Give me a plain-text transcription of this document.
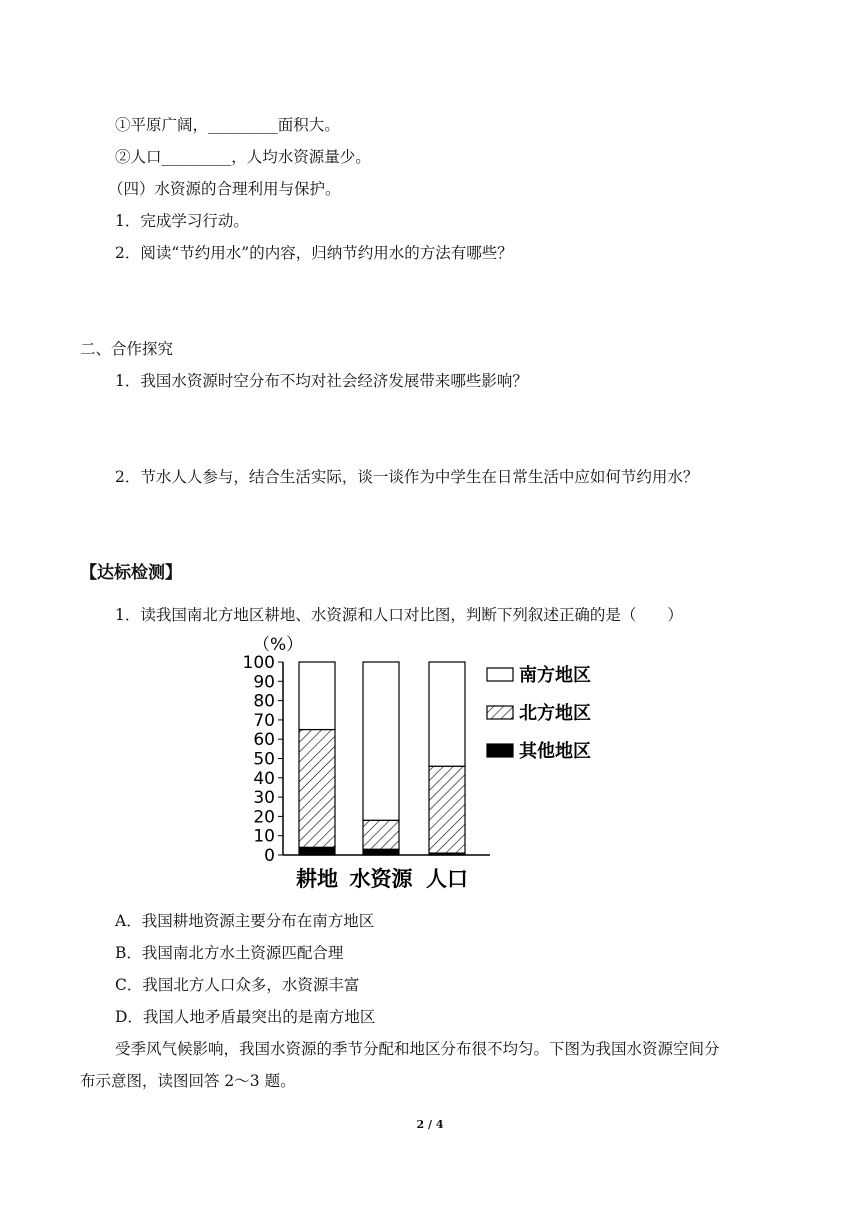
①平原广阔，_________面积大。
②人口_________，人均水资源量少。
（四）水资源的合理利用与保护。
1．完成学习行动。
2．阅读“节约用水”的内容，归纳节约用水的方法有哪些？
二、合作探究
1．我国水资源时空分布不均对社会经济发展带来哪些影响？
2．节水人人参与，结合生活实际，谈一谈作为中学生在日常生活中应如何节约用水？
【达标检测】
1．读我国南北方地区耕地、水资源和人口对比图，判断下列叙述正确的是（　　）
（%）
0
10
20
30
40
50
60
70
80
90
100
耕地 水资源 人口
南方地区
北方地区
其他地区
A．我国耕地资源主要分布在南方地区
B．我国南北方水土资源匹配合理
C．我国北方人口众多，水资源丰富
D．我国人地矛盾最突出的是南方地区
受季风气候影响，我国水资源的季节分配和地区分布很不均匀。下图为我国水资源空间分
布示意图，读图回答 2～3 题。
2 / 4
